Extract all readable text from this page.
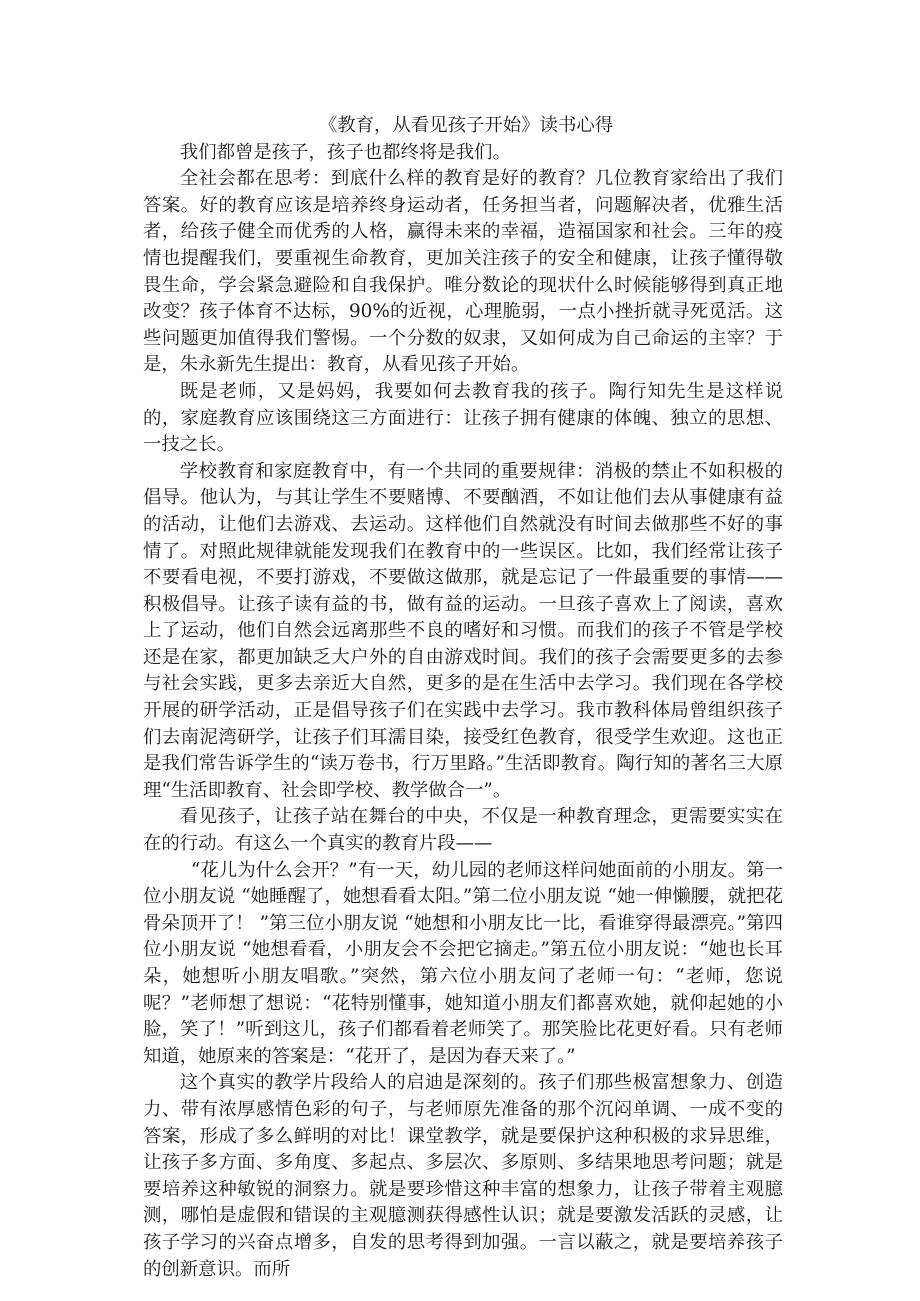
《教育，从看见孩子开始》读书心得

我们都曾是孩子，孩子也都终将是我们。

全社会都在思考：到底什么样的教育是好的教育？几位教育家给出了我们答案。好的教育应该是培养终身运动者，任务担当者，问题解决者，优雅生活者，给孩子健全而优秀的人格，赢得未来的幸福，造福国家和社会。三年的疫情也提醒我们，要重视生命教育，更加关注孩子的安全和健康，让孩子懂得敬畏生命，学会紧急避险和自我保护。唯分数论的现状什么时候能够得到真正地改变？孩子体育不达标，90%的近视，心理脆弱，一点小挫折就寻死觅活。这些问题更加值得我们警惕。一个分数的奴隶，又如何成为自己命运的主宰？于是，朱永新先生提出：教育，从看见孩子开始。

既是老师，又是妈妈，我要如何去教育我的孩子。陶行知先生是这样说的，家庭教育应该围绕这三方面进行：让孩子拥有健康的体魄、独立的思想、一技之长。

学校教育和家庭教育中，有一个共同的重要规律：消极的禁止不如积极的倡导。他认为，与其让学生不要赌博、不要酗酒，不如让他们去从事健康有益的活动，让他们去游戏、去运动。这样他们自然就没有时间去做那些不好的事情了。对照此规律就能发现我们在教育中的一些误区。比如，我们经常让孩子不要看电视，不要打游戏，不要做这做那，就是忘记了一件最重要的事情——积极倡导。让孩子读有益的书，做有益的运动。一旦孩子喜欢上了阅读，喜欢上了运动，他们自然会远离那些不良的嗜好和习惯。而我们的孩子不管是学校还是在家，都更加缺乏大户外的自由游戏时间。我们的孩子会需要更多的去参与社会实践，更多去亲近大自然，更多的是在生活中去学习。我们现在各学校开展的研学活动，正是倡导孩子们在实践中去学习。我市教科体局曾组织孩子们去南泥湾研学，让孩子们耳濡目染，接受红色教育，很受学生欢迎。这也正是我们常告诉学生的“读万卷书，行万里路。”生活即教育。陶行知的著名三大原理“生活即教育、社会即学校、教学做合一”。

看见孩子，让孩子站在舞台的中央，不仅是一种教育理念，更需要实实在在的行动。有这么一个真实的教育片段——

“花儿为什么会开？”有一天，幼儿园的老师这样问她面前的小朋友。第一位小朋友说 “她睡醒了，她想看看太阳。”第二位小朋友说 “她一伸懒腰，就把花骨朵顶开了！ ”第三位小朋友说 “她想和小朋友比一比，看谁穿得最漂亮。”第四位小朋友说 “她想看看，小朋友会不会把它摘走。”第五位小朋友说：“她也长耳朵，她想听小朋友唱歌。”突然，第六位小朋友问了老师一句：“老师，您说呢？”老师想了想说：“花特别懂事，她知道小朋友们都喜欢她，就仰起她的小脸，笑了！”听到这儿，孩子们都看着老师笑了。那笑脸比花更好看。只有老师知道，她原来的答案是：“花开了，是因为春天来了。”

这个真实的教学片段给人的启迪是深刻的。孩子们那些极富想象力、创造力、带有浓厚感情色彩的句子，与老师原先准备的那个沉闷单调、一成不变的答案，形成了多么鲜明的对比！课堂教学，就是要保护这种积极的求异思维，让孩子多方面、多角度、多起点、多层次、多原则、多结果地思考问题；就是要培养这种敏锐的洞察力。就是要珍惜这种丰富的想象力，让孩子带着主观臆测，哪怕是虚假和错误的主观臆测获得感性认识；就是要激发活跃的灵感，让孩子学习的兴奋点增多，自发的思考得到加强。一言以蔽之，就是要培养孩子的创新意识。而所
